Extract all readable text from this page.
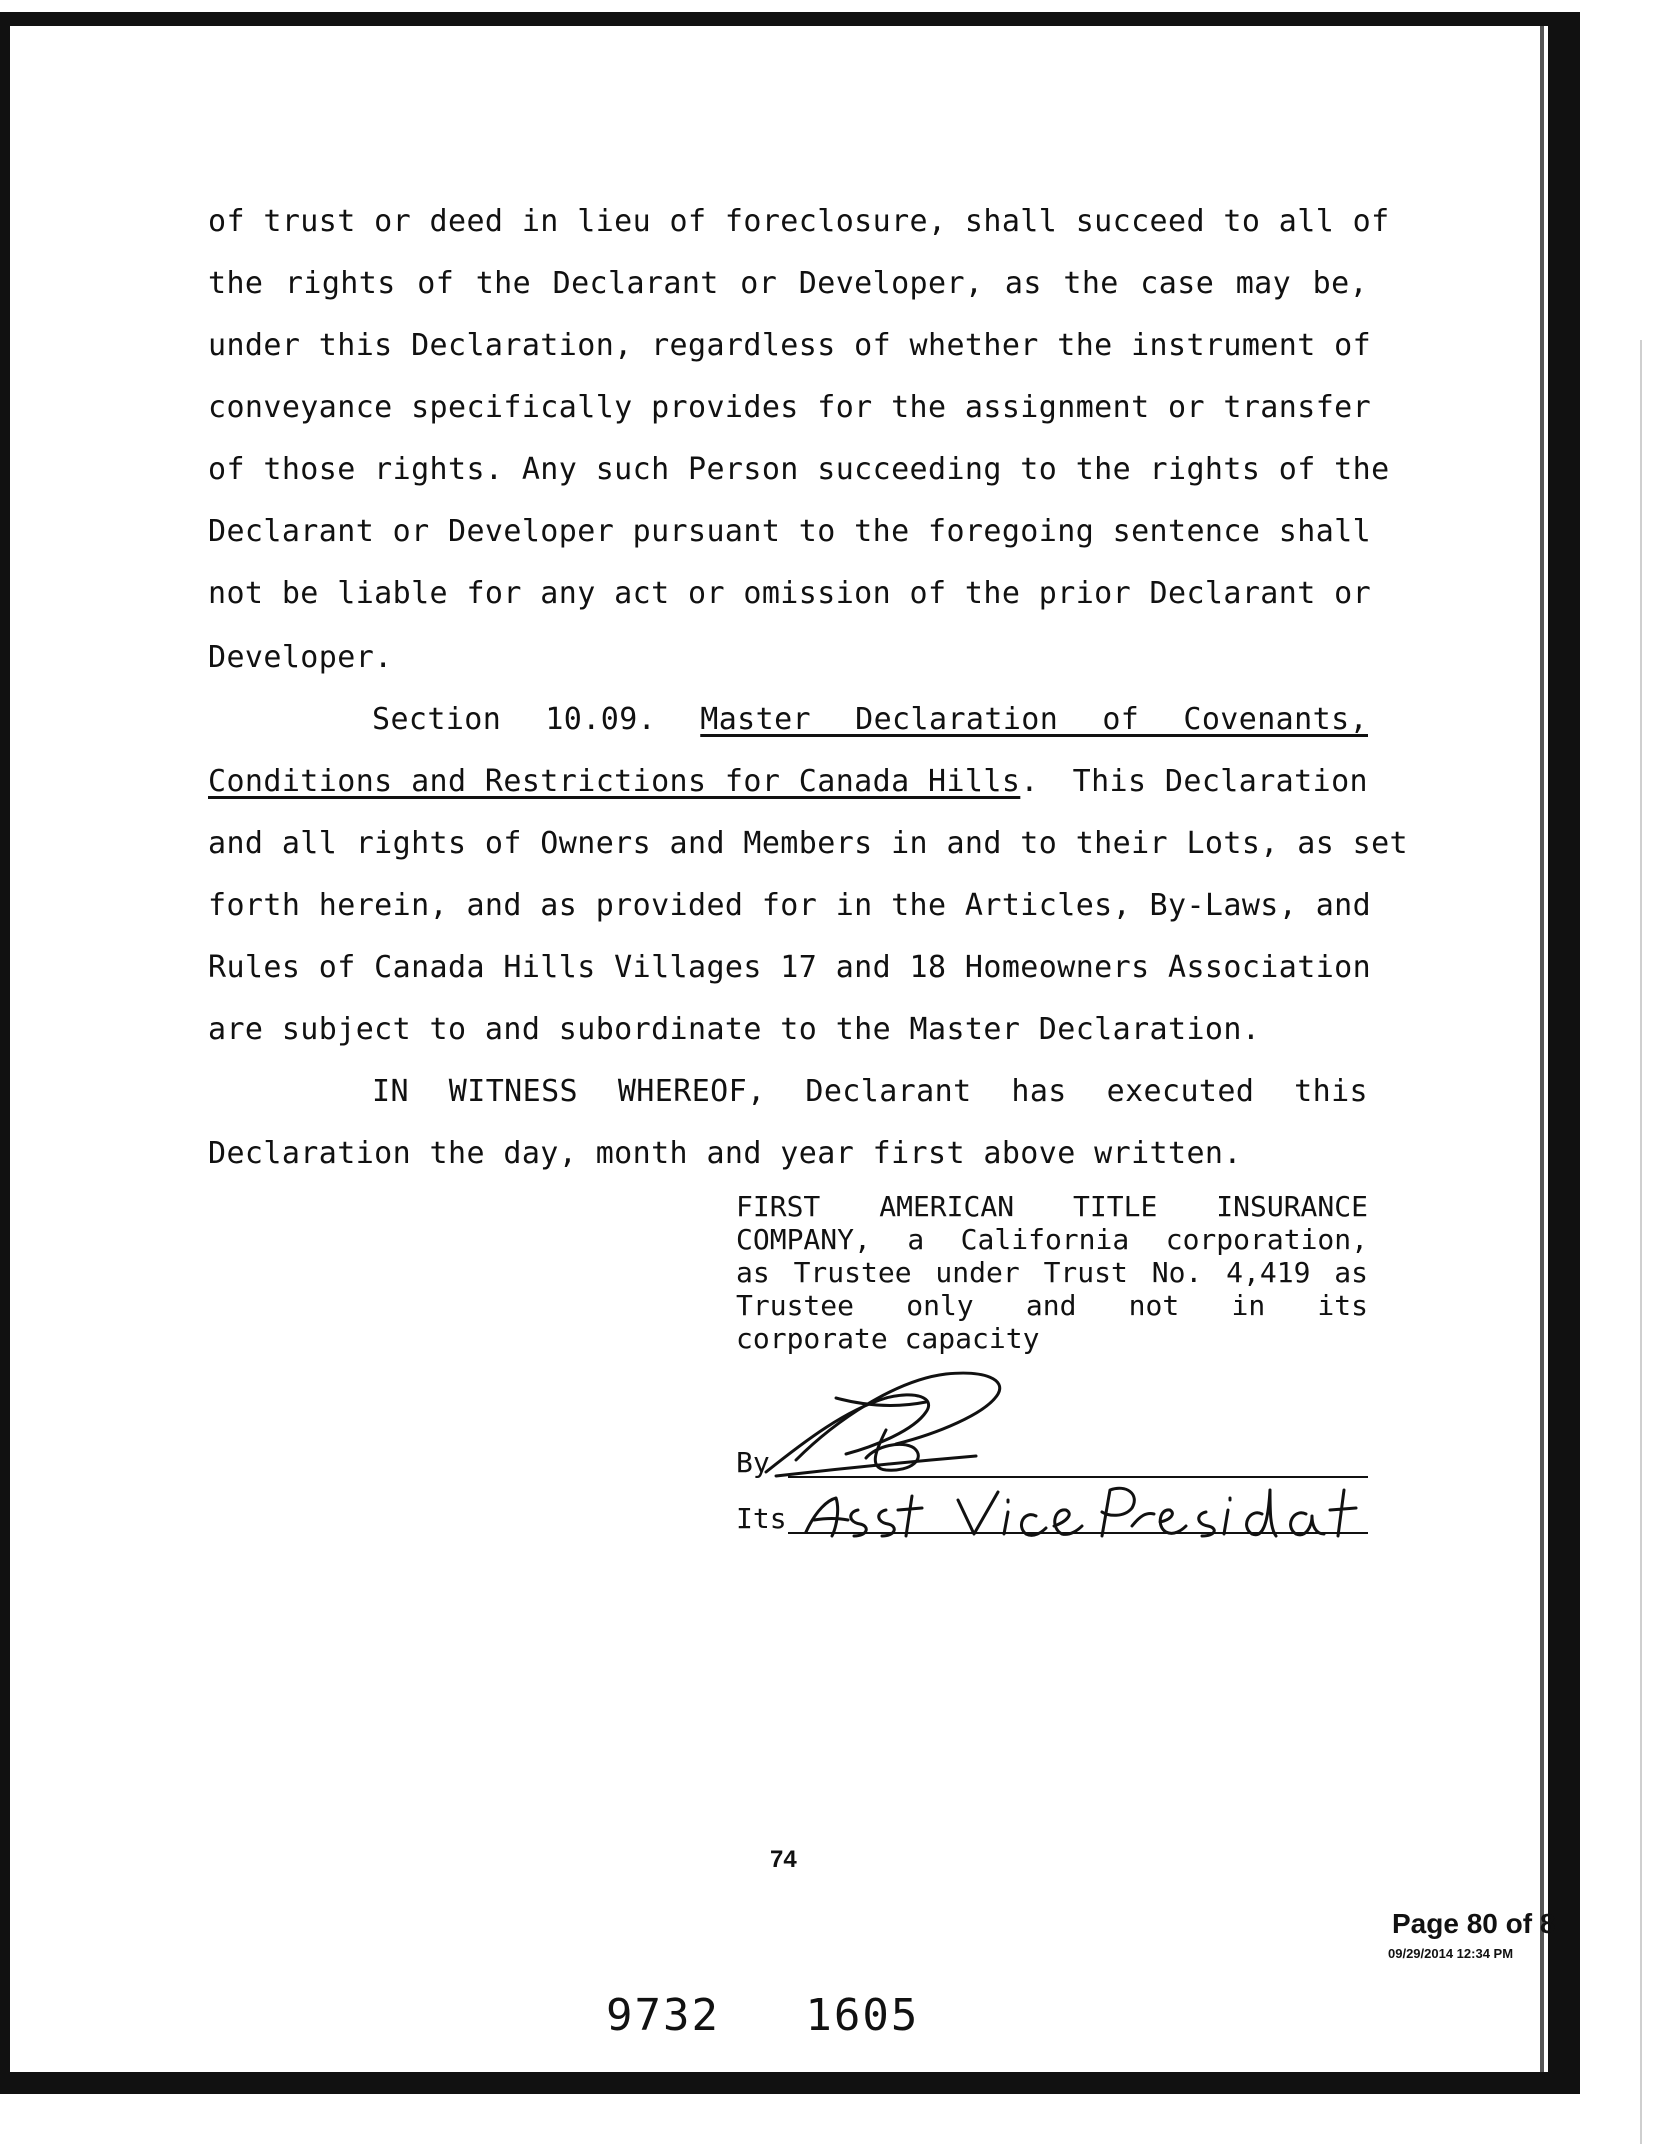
of trust or deed in lieu of foreclosure, shall succeed to all of
the rights of the Declarant or Developer, as the case may be,
under this Declaration, regardless of whether the instrument of
conveyance specifically provides for the assignment or transfer
of those rights. Any such Person succeeding to the rights of the
Declarant or Developer pursuant to the foregoing sentence shall
not be liable for any act or omission of the prior Declarant or
Developer.
Section 10.09. Master Declaration of Covenants,
Conditions and Restrictions for Canada Hills. This Declaration
and all rights of Owners and Members in and to their Lots, as set
forth herein, and as provided for in the Articles, By-Laws, and
Rules of Canada Hills Villages 17 and 18 Homeowners Association
are subject to and subordinate to the Master Declaration.
IN WITNESS WHEREOF, Declarant has executed this
Declaration the day, month and year first above written.
FIRST AMERICAN TITLE INSURANCE
COMPANY, a California corporation,
as Trustee under Trust No. 4,419 as
Trustee only and not in its
corporate capacity
By
Its
74
Page 80 of 8
09/29/2014 12:34 PM
9732   1605
